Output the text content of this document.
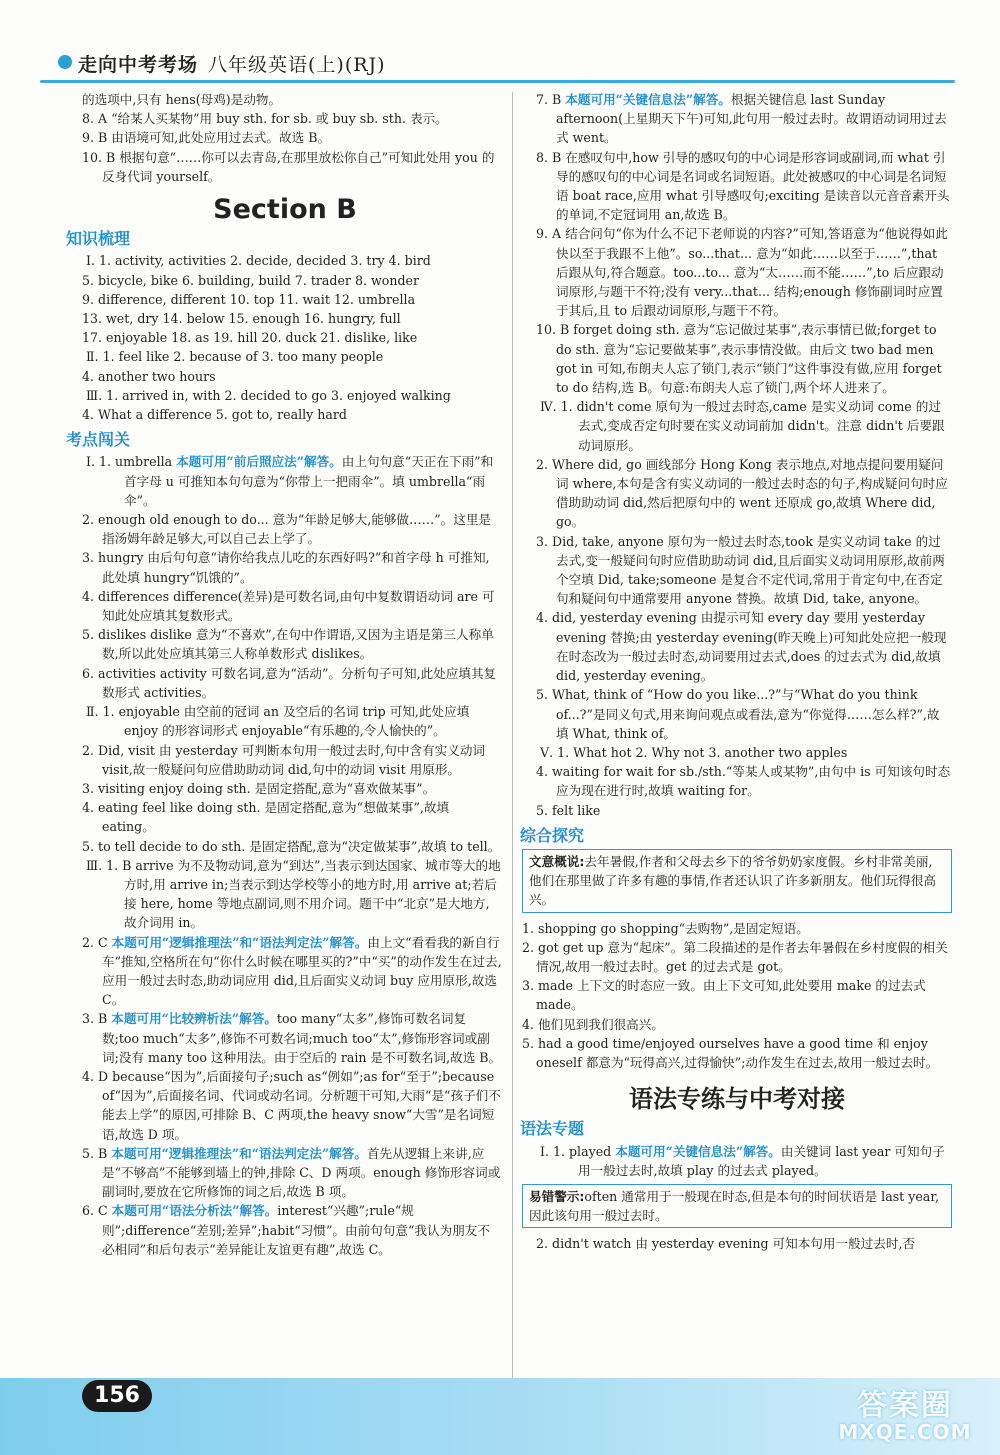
走向中考考场 八年级英语(上)(RJ)

的选项中,只有 hens(母鸡)是动物。

8. A “给某人买某物”用 buy sth. for sb. 或 buy sb. sth. 表示。

9. B 由语境可知,此处应用过去式。故选 B。

10. B 根据句意“……你可以去青岛,在那里放松你自己”可知此处用 you 的反身代词 yourself。

Section B
知识梳理

Ⅰ. 1. activity, activities 2. decide, decided 3. try 4. bird

5. bicycle, bike 6. building, build 7. trader 8. wonder

9. difference, different 10. top 11. wait 12. umbrella

13. wet, dry 14. below 15. enough 16. hungry, full

17. enjoyable 18. as 19. hill 20. duck 21. dislike, like

Ⅱ. 1. feel like 2. because of 3. too many people

4. another two hours

Ⅲ. 1. arrived in, with 2. decided to go 3. enjoyed walking

4. What a difference 5. got to, really hard

考点闯关

Ⅰ. 1. umbrella 本题可用“前后照应法”解答。由上句句意“天正在下雨”和首字母 u 可推知本句句意为“你带上一把雨伞”。填 umbrella“雨伞”。

2. enough old enough to do... 意为“年龄足够大,能够做……”。这里是指汤姆年龄足够大,可以自己去上学了。

3. hungry 由后句句意“请你给我点儿吃的东西好吗?”和首字母 h 可推知,此处填 hungry“饥饿的”。

4. differences difference(差异)是可数名词,由句中复数谓语动词 are 可知此处应填其复数形式。

5. dislikes dislike 意为“不喜欢”,在句中作谓语,又因为主语是第三人称单数,所以此处应填其第三人称单数形式 dislikes。

6. activities activity 可数名词,意为“活动”。分析句子可知,此处应填其复数形式 activities。

Ⅱ. 1. enjoyable 由空前的冠词 an 及空后的名词 trip 可知,此处应填 enjoy 的形容词形式 enjoyable“有乐趣的,令人愉快的”。

2. Did, visit 由 yesterday 可判断本句用一般过去时,句中含有实义动词 visit,故一般疑问句应借助助动词 did,句中的动词 visit 用原形。

3. visiting enjoy doing sth. 是固定搭配,意为“喜欢做某事”。

4. eating feel like doing sth. 是固定搭配,意为“想做某事”,故填 eating。

5. to tell decide to do sth. 是固定搭配,意为“决定做某事”,故填 to tell。

Ⅲ. 1. B arrive 为不及物动词,意为“到达”,当表示到达国家、城市等大的地方时,用 arrive in;当表示到达学校等小的地方时,用 arrive at;若后接 here, home 等地点副词,则不用介词。题干中“北京”是大地方,故介词用 in。

2. C 本题可用“逻辑推理法”和“语法判定法”解答。由上文“看看我的新自行车”推知,空格所在句“你什么时候在哪里买的?”中“买”的动作发生在过去,应用一般过去时态,助动词应用 did,且后面实义动词 buy 应用原形,故选 C。

3. B 本题可用“比较辨析法”解答。too many“太多”,修饰可数名词复数;too much“太多”,修饰不可数名词;much too“太”,修饰形容词或副词;没有 many too 这种用法。由于空后的 rain 是不可数名词,故选 B。

4. D because“因为”,后面接句子;such as“例如”;as for“至于”;because of“因为”,后面接名词、代词或动名词。分析题干可知,大雨“是“孩子们不能去上学”的原因,可排除 B、C 两项,the heavy snow“大雪”是名词短语,故选 D 项。

5. B 本题可用“逻辑推理法”和“语法判定法”解答。首先从逻辑上来讲,应是“不够高”不能够到墙上的钟,排除 C、D 两项。enough 修饰形容词或副词时,要放在它所修饰的词之后,故选 B 项。

6. C 本题可用“语法分析法”解答。interest“兴趣”;rule“规则”;difference“差别;差异”;habit“习惯”。由前句句意“我认为朋友不必相同”和后句表示“差异能让友谊更有趣”,故选 C。

7. B 本题可用“关键信息法”解答。根据关键信息 last Sunday afternoon(上星期天下午)可知,此句用一般过去时。故谓语动词用过去式 went。

8. B 在感叹句中,how 引导的感叹句的中心词是形容词或副词,而 what 引导的感叹句的中心词是名词或名词短语。此处被感叹的中心词是名词短语 boat race,应用 what 引导感叹句;exciting 是读音以元音音素开头的单词,不定冠词用 an,故选 B。

9. A 结合问句“你为什么不记下老师说的内容?”可知,答语意为“他说得如此快以至于我跟不上他”。so...that... 意为“如此……以至于……”,that 后跟从句,符合题意。too...to... 意为“太……而不能……”,to 后应跟动词原形,与题干不符;没有 very...that... 结构;enough 修饰副词时应置于其后,且 to 后跟动词原形,与题干不符。

10. B forget doing sth. 意为“忘记做过某事”,表示事情已做;forget to do sth. 意为“忘记要做某事”,表示事情没做。由后文 two bad men got in 可知,布朗夫人忘了锁门,表示“锁门”这件事没有做,应用 forget to do 结构,选 B。句意:布朗夫人忘了锁门,两个坏人进来了。

Ⅳ. 1. didn't come 原句为一般过去时态,came 是实义动词 come 的过去式,变成否定句时要在实义动词前加 didn't。注意 didn't 后要跟动词原形。

2. Where did, go 画线部分 Hong Kong 表示地点,对地点提问要用疑问词 where,本句是含有实义动词的一般过去时态的句子,构成疑问句时应借助助动词 did,然后把原句中的 went 还原成 go,故填 Where did, go。

3. Did, take, anyone 原句为一般过去时态,took 是实义动词 take 的过去式,变一般疑问句时应借助助动词 did,且后面实义动词用原形,故前两个空填 Did, take;someone 是复合不定代词,常用于肯定句中,在否定句和疑问句中通常要用 anyone 替换。故填 Did, take, anyone。

4. did, yesterday evening 由提示可知 every day 要用 yesterday evening 替换;由 yesterday evening(昨天晚上)可知此处应把一般现在时态改为一般过去时态,动词要用过去式,does 的过去式为 did,故填 did, yesterday evening。

5. What, think of “How do you like...?”与“What do you think of...?”是同义句式,用来询问观点或看法,意为“你觉得……怎么样?”,故填 What, think of。

Ⅴ. 1. What hot 2. Why not 3. another two apples

4. waiting for wait for sb./sth.“等某人或某物”,由句中 is 可知该句时态应为现在进行时,故填 waiting for。

5. felt like

综合探究
文意概说:去年暑假,作者和父母去乡下的爷爷奶奶家度假。乡村非常美丽,他们在那里做了许多有趣的事情,作者还认识了许多新朋友。他们玩得很高兴。

1. shopping go shopping“去购物”,是固定短语。

2. got get up 意为“起床”。第二段描述的是作者去年暑假在乡村度假的相关情况,故用一般过去时。get 的过去式是 got。

3. made 上下文的时态应一致。由上下文可知,此处要用 make 的过去式 made。

4. 他们见到我们很高兴。

5. had a good time/enjoyed ourselves have a good time 和 enjoy oneself 都意为“玩得高兴,过得愉快”;动作发生在过去,故用一般过去时。

语法专练与中考对接
语法专题

Ⅰ. 1. played 本题可用“关键信息法”解答。由关键词 last year 可知句子用一般过去时,故填 play 的过去式 played。

易错警示:often 通常用于一般现在时态,但是本句的时间状语是 last year,因此该句用一般过去时。

2. didn't watch 由 yesterday evening 可知本句用一般过去时,否

156	答案圈
MXQE.COM
